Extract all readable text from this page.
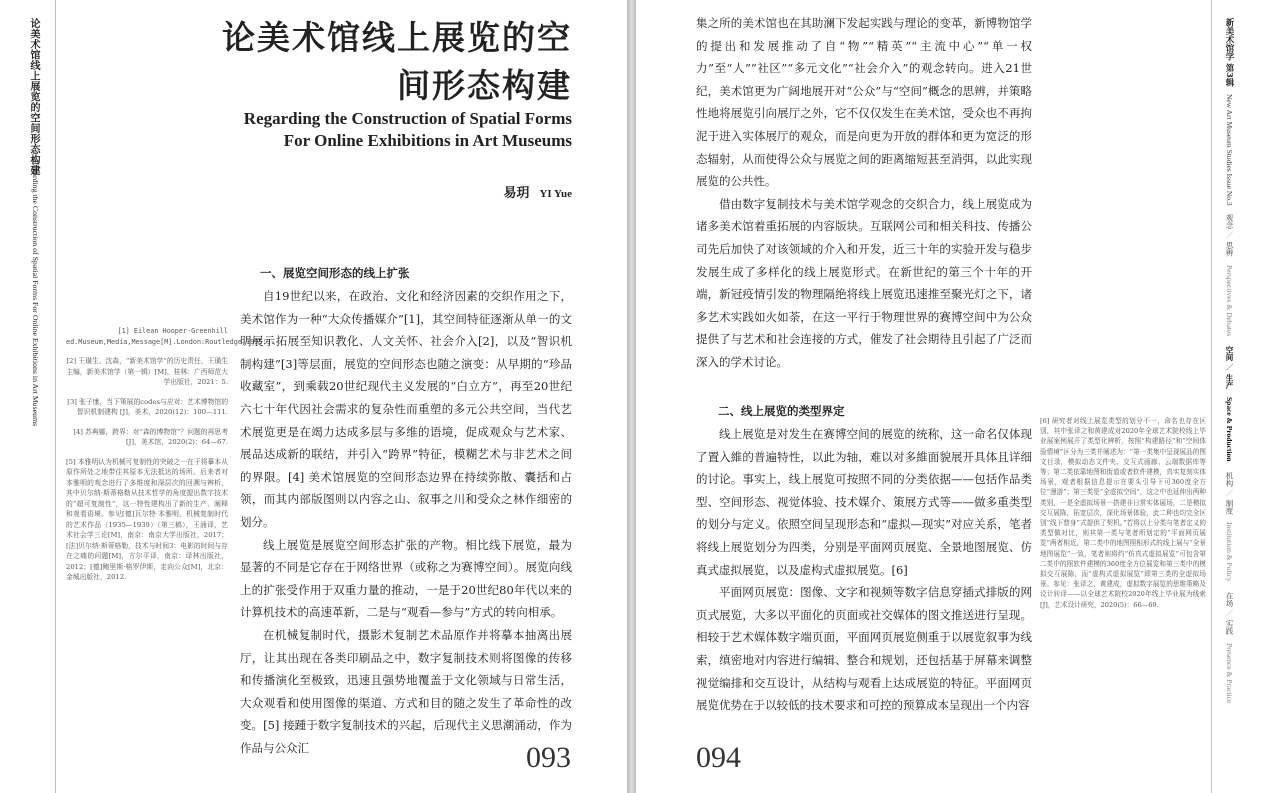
论美术馆线上展览的空间形态构建
Regarding the Construction of Spatial Forms For Online Exhibitions in Art Museums
论美术馆线上展览的空
间形态构建
Regarding the Construction of Spatial Forms
For Online Exhibitions in Art Museums
易玥 YI Yue
[1] Eilean Hooper-Greenhill ed.Museum,Media,Message[M].London:Routledge,1995:9.
[2] 王璜生、沈森，“新美术馆学”的历史责任，王璜生主编，新美术馆学（第一辑）[M]，桂林：广西师范大学出版社，2021：5.
[3] 张子康，当下策展的codes与应对：艺术博物馆的智识机制建构 [J]，美术，2020(12)：100—111.
[4] 苏典娜，跨界：对“森的博物馆”？问题的再思考 [J]，美术馆，2020(2)：64—67.
[5] 本雅明认为机械可复制性的突破之一在于将摹本从原作所处之地带往其原本无法抵达的场所。后来者对本雅明的观念进行了多维度和深层次的回溯与辨析，其中贝尔纳·斯蒂格勒从技术哲学的角度提出数字技术的“超可复制性”，这一特性建构出了新的生产、阐释和观看语境。参见[德]瓦尔特·本雅明，机械复制时代的艺术作品（1935—1939）（第三稿），王涌译，艺术社会学三论[M]，南京：南京大学出版社，2017；[法]贝尔纳·斯蒂格勒，技术与时间3：电影的时间与存在之痛的问题[M]，方尔平译，南京：译林出版社，2012；[德]鲍里斯·格罗伊斯，走向公众[M]，北京：金城出版社，2012.
一、展览空间形态的线上扩张

自19世纪以来，在政治、文化和经济因素的交织作用之下，美术馆作为一种“大众传播媒介”[1]，其空间特征逐渐从单一的文明展示拓展至知识教化、人文关怀、社会介入[2]，以及“智识机制构建”[3]等层面，展览的空间形态也随之演变：从早期的“珍品收藏室”，到乘载20世纪现代主义发展的“白立方”，再至20世纪六七十年代因社会需求的复杂性而重塑的多元公共空间，当代艺术展览更是在竭力达成多层与多维的语境，促成观众与艺术家、展品达成新的联结，并引入“跨界”特征，模糊艺术与非艺术之间的界限。[4] 美术馆展览的空间形态边界在持续弥散、囊括和占领，而其内部版图则以内容之山、叙事之川和受众之林作细密的划分。

线上展览是展览空间形态扩张的产物。相比线下展览，最为显著的不同是它存在于网络世界（或称之为赛博空间）。展览向线上的扩张受作用于双重力量的推动，一是于20世纪80年代以来的计算机技术的高速革新，二是与“观看—参与”方式的转向相承。

在机械复制时代，摄影术复制艺术品原作并将摹本抽离出展厅，让其出现在各类印刷品之中，数字复制技术则将图像的传移和传播演化至极致，迅速且强势地覆盖于文化领域与日常生活，大众观看和使用图像的渠道、方式和目的随之发生了革命性的改变。[5] 接踵于数字复制技术的兴起，后现代主义思潮涌动，作为作品与公众汇	093

集之所的美术馆也在其助澜下发起实践与理论的变革，新博物馆学的提出和发展推动了自“物”“精英”“主流中心”“单一权力”至“人”“社区”“多元文化”“社会介入”的观念转向。进入21世纪，美术馆更为广阔地展开对“公众”与“空间”概念的思辨，并策略性地将展览引向展厅之外，它不仅仅发生在美术馆，受众也不再拘泥于进入实体展厅的观众，而是向更为开放的群体和更为宽泛的形态辐射，从而使得公众与展览之间的距离缩短甚至消弭，以此实现展览的公共性。

借由数字复制技术与美术馆学观念的交织合力，线上展览成为诸多美术馆着重拓展的内容版块。互联网公司和相关科技、传播公司先后加快了对该领域的介入和开发，近三十年的实验开发与稳步发展生成了多样化的线上展览形式。在新世纪的第三个十年的开端，新冠疫情引发的物理隔绝将线上展览迅速推至聚光灯之下，诸多艺术实践如火如荼，在这一平行于物理世界的赛博空间中为公众提供了与艺术和社会连接的方式，催发了社会期待且引起了广泛而深入的学术讨论。

二、线上展览的类型界定

线上展览是对发生在赛博空间的展览的统称，这一命名仅体现了置入維的普遍特性，以此为轴，难以对多維面貌展开具体且详细的讨论。事实上，线上展览可按照不同的分类依据——包括作品类型、空间形态、视觉体验、技术媒介、策展方式等——做多重类型的划分与定义。依照空间呈现形态和“虚拟—现实”对应关系，笔者将线上展览划分为四类，分别是平面网页展览、全景地图展览、仿真式虚拟展览，以及虚构式虚拟展览。[6]

平面网页展览：图像、文字和视频等数字信息穿插式排版的网页式展览，大多以平面化的页面或社交媒体的图文推送进行呈现。相较于艺术媒体数字端页面，平面网页展览侧重于以展览叙事为线索，缜密地对内容进行编辑、整合和规划，还包括基于屏幕来调整视觉编排和交互设计，从结构与观看上达成展览的特征。平面网页展览优势在于以较低的技术要求和可控的预算成本呈现出一个内容

[6] 研究者对线上展览类型的划分不一，命名也存在区别，其中张译之和黄建成对2020年全球艺术院校线上毕业展案例展开了类型化辨析，按照“构建路径”和“空间体验情境”区分为三类并阐述为：“第一类集中呈现展品的图文目录，模拟动态文件夹、交互式画廊、云端数据库等等；第二类依靠地图和街道或者软件建模，真实复刻实体场景，观者根据信息提示在要头引导下可360度全方位“漫游”；第三类是“全虚拟空间”，这之中也延伸出两种类别，一是全虚拟场景一搭建非日常实体展场，二是模拟交互展陈，拓宽层次，深化场景体验，此二种也均完全区别“线下替身”式提供了契机。”若将以上分类与笔者定义的类型做对比，则其第一类与笔者所划定的“平面网页展览”两者相近，第二类中的地图照相形式的线上展与“全景地图展览”一致，笔者则将约“仿真式虚拟展览”可包含第二类中的照软件建模的360度全方位展览和第三类中的模拟交互展陈，而“虚构式虚拟展览”即第三类的全虚拟场景。参见：张译之、黄建成，虚拟数字展览的思维策略及设计转译——以全球艺术院校2020年线上毕业展为线索[J]，艺术设计研究，2020(5)：66—69.
094
新美术馆学 第3辑
New Art Museum Studies Issue No.3
观念 ／ 思辨 Perspectives & Debates
空间 ／ 生产 Space & Production
机构 ／ 制度 Institution & Policy
在场 ／ 实践 Presence & Practice
